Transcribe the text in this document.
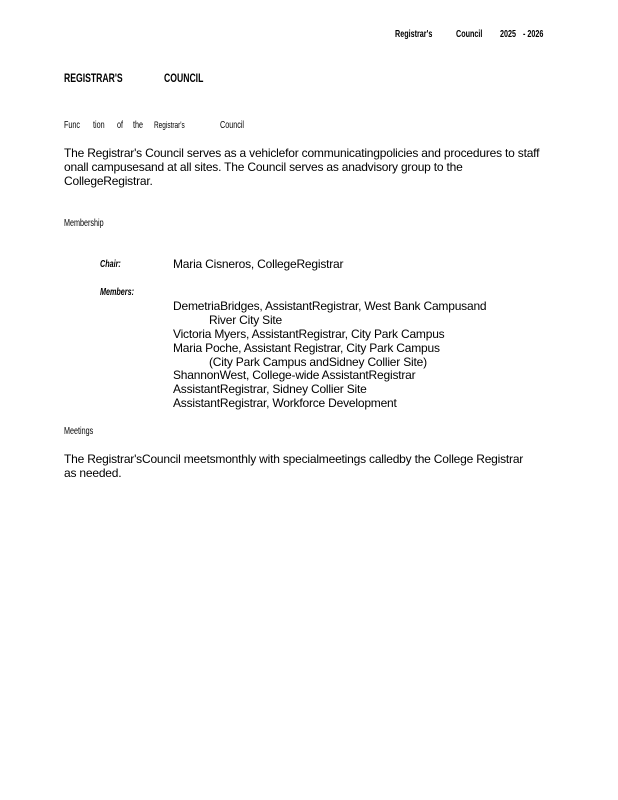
Registrar's Council 2025 - 2026
REGISTRAR'S	COUNCIL
Func tion of the Registrar's	Council
The Registrar's Council serves as a vehiclefor communicatingpolicies and procedures to staff onall campusesand at all sites. The Council serves as anadvisory group to the CollegeRegistrar.
Membership
Chair:	Maria Cisneros, CollegeRegistrar
Members:
DemetriaBridges, AssistantRegistrar, West Bank Campusand
River City Site
Victoria Myers, AssistantRegistrar, City Park Campus
Maria Poche, Assistant Registrar, City Park Campus
(City Park Campus andSidney Collier Site)
ShannonWest, College-wide AssistantRegistrar
AssistantRegistrar, Sidney Collier Site
AssistantRegistrar, Workforce Development
Meetings
The Registrar'sCouncil meetsmonthly with specialmeetings calledby the College Registrar as needed.
